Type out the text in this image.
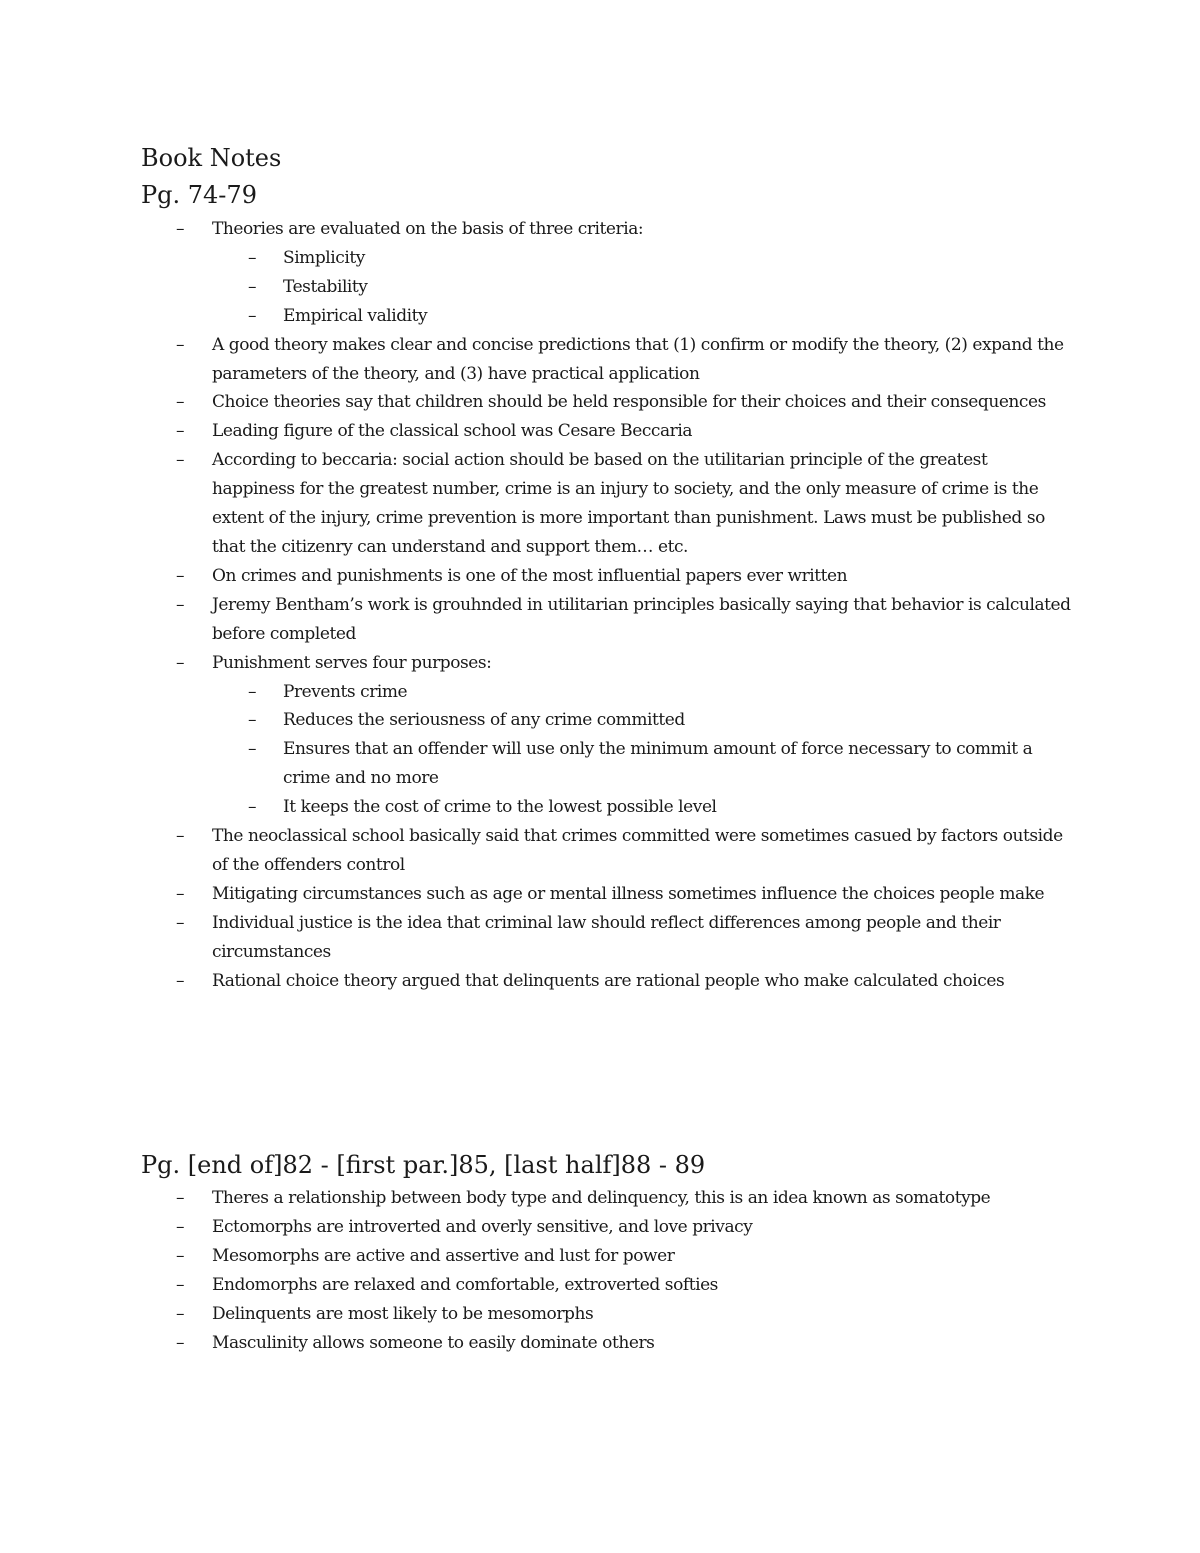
Book Notes
Pg. 74-79
– Theories are evaluated on the basis of three criteria:
– Simplicity
– Testability
– Empirical validity
– A good theory makes clear and concise predictions that (1) confirm or modify the theory, (2) expand the parameters of the theory, and (3) have practical application
– Choice theories say that children should be held responsible for their choices and their consequences
– Leading figure of the classical school was Cesare Beccaria
– According to beccaria: social action should be based on the utilitarian principle of the greatest happiness for the greatest number, crime is an injury to society, and the only measure of crime is the extent of the injury, crime prevention is more important than punishment. Laws must be published so that the citizenry can understand and support them… etc.
– On crimes and punishments is one of the most influential papers ever written
– Jeremy Bentham’s work is grouhnded in utilitarian principles basically saying that behavior is calculated before completed
– Punishment serves four purposes:
– Prevents crime
– Reduces the seriousness of any crime committed
– Ensures that an offender will use only the minimum amount of force necessary to commit a crime and no more
– It keeps the cost of crime to the lowest possible level
– The neoclassical school basically said that crimes committed were sometimes casued by factors outside of the offenders control
– Mitigating circumstances such as age or mental illness sometimes influence the choices people make
– Individual justice is the idea that criminal law should reflect differences among people and their circumstances
– Rational choice theory argued that delinquents are rational people who make calculated choices
Pg. [end of]82 - [first par.]85, [last half]88 - 89
– Theres a relationship between body type and delinquency, this is an idea known as somatotype
– Ectomorphs are introverted and overly sensitive, and love privacy
– Mesomorphs are active and assertive and lust for power
– Endomorphs are relaxed and comfortable, extroverted softies
– Delinquents are most likely to be mesomorphs
– Masculinity allows someone to easily dominate others
